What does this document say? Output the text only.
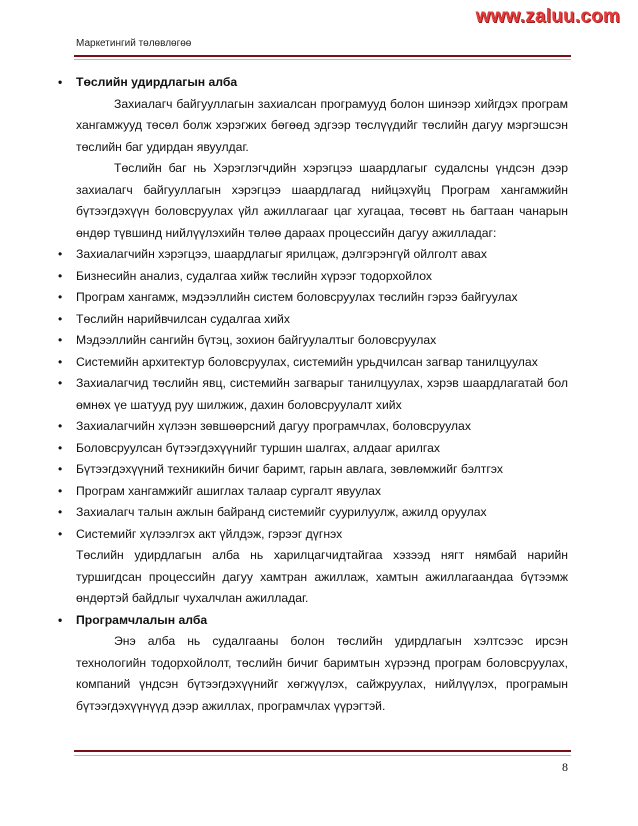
www.zaluu.com
Маркетингий төлөвлөгөө
• Төслийн удирдлагын алба
Захиалагч байгууллагын захиалсан програмууд болон шинээр хийгдэх програм хангамжууд төсөл болж хэрэгжих бөгөөд эдгээр төслүүдийг төслийн дагуу мэргэшсэн төслийн баг удирдан явуулдаг.
Төслийн баг нь Хэрэглэгчдийн хэрэгцээ шаардлагыг судалсны үндсэн дээр захиалагч байгууллагын хэрэгцээ шаардлагад нийцэхүйц Програм хангамжийн бүтээгдэхүүн боловсруулах үйл ажиллагааг цаг хугацаа, төсөвт нь багтаан чанарын өндөр түвшинд нийлүүлэхийн төлөө дараах процессийн дагуу ажилладаг:
• Захиалагчийн хэрэгцээ, шаардлагыг ярилцаж, дэлгэрэнгүй ойлголт авах
• Бизнесийн анализ, судалгаа хийж төслийн хүрээг тодорхойлох
• Програм хангамж, мэдээллийн систем боловсруулах төслийн гэрээ байгуулах
• Төслийн нарийвчилсан судалгаа хийх
• Мэдээллийн сангийн бүтэц, зохион байгуулалтыг боловсруулах
• Системийн архитектур боловсруулах, системийн урьдчилсан загвар танилцуулах
• Захиалагчид төслийн явц, системийн загварыг танилцуулах, хэрэв шаардлагатай бол өмнөх үе шатууд руу шилжиж, дахин боловсруулалт хийх
• Захиалагчийн хүлээн зөвшөөрсний дагуу програмчлах, боловсруулах
• Боловсруулсан бүтээгдэхүүнийг туршин шалгах, алдааг арилгах
• Бүтээгдэхүүний техникийн бичиг баримт, гарын авлага, зөвлөмжийг бэлтгэх
• Програм хангамжийг ашиглах талаар сургалт явуулах
• Захиалагч талын ажлын байранд системийг суурилуулж, ажилд оруулах
• Системийг хүлээлгэх акт үйлдэж, гэрээг дүгнэх
Төслийн удирдлагын алба нь харилцагчидтайгаа хэзээд нягт нямбай нарийн туршигдсан процессийн дагуу хамтран ажиллаж, хамтын ажиллагаандаа бүтээмж өндөртэй байдлыг чухалчлан ажилладаг.
• Програмчлалын алба
Энэ алба нь судалгааны болон төслийн удирдлагын хэлтсээс ирсэн технологийн тодорхойлолт, төслийн бичиг баримтын хүрээнд програм боловсруулах, компаний үндсэн бүтээгдэхүүнийг хөгжүүлэх, сайжруулах, нийлүүлэх, програмын бүтээгдэхүүнүүд дээр ажиллах, програмчлах үүрэгтэй.
8
